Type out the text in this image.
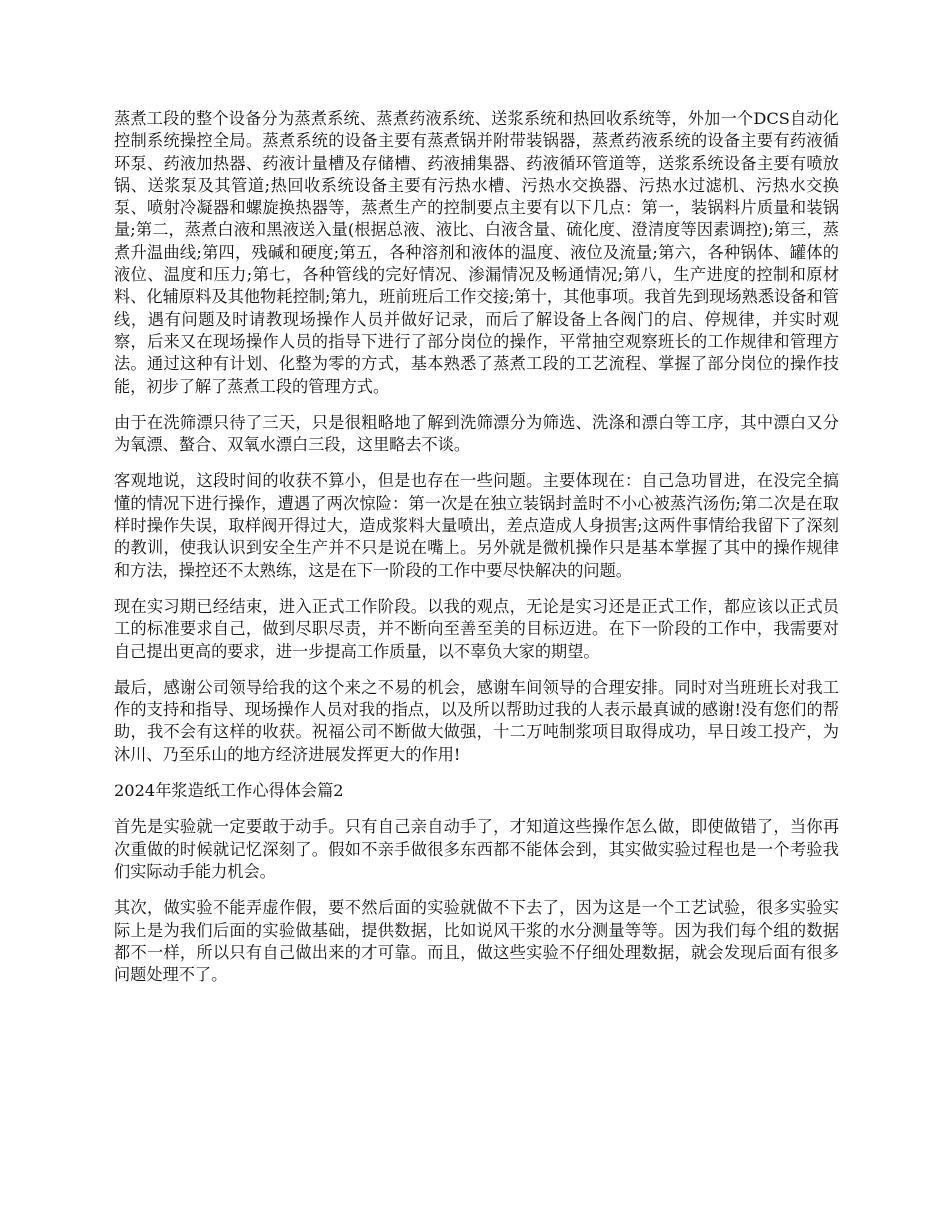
蒸煮工段的整个设备分为蒸煮系统、蒸煮药液系统、送浆系统和热回收系统等，外加一个DCS自动化控制系统操控全局。蒸煮系统的设备主要有蒸煮锅并附带装锅器，蒸煮药液系统的设备主要有药液循环泵、药液加热器、药液计量槽及存储槽、药液捕集器、药液循环管道等，送浆系统设备主要有喷放锅、送浆泵及其管道;热回收系统设备主要有污热水槽、污热水交换器、污热水过滤机、污热水交换泵、喷射冷凝器和螺旋换热器等，蒸煮生产的控制要点主要有以下几点：第一，装锅料片质量和装锅量;第二，蒸煮白液和黑液送入量(根据总液、液比、白液含量、硫化度、澄清度等因素调控);第三，蒸煮升温曲线;第四，残碱和硬度;第五，各种溶剂和液体的温度、液位及流量;第六，各种锅体、罐体的液位、温度和压力;第七，各种管线的完好情况、渗漏情况及畅通情况;第八，生产进度的控制和原材料、化辅原料及其他物耗控制;第九，班前班后工作交接;第十，其他事项。我首先到现场熟悉设备和管线，遇有问题及时请教现场操作人员并做好记录，而后了解设备上各阀门的启、停规律，并实时观察，后来又在现场操作人员的指导下进行了部分岗位的操作，平常抽空观察班长的工作规律和管理方法。通过这种有计划、化整为零的方式，基本熟悉了蒸煮工段的工艺流程、掌握了部分岗位的操作技能，初步了解了蒸煮工段的管理方式。

由于在洗筛漂只待了三天，只是很粗略地了解到洗筛漂分为筛选、洗涤和漂白等工序，其中漂白又分为氧漂、螯合、双氧水漂白三段，这里略去不谈。

客观地说，这段时间的收获不算小，但是也存在一些问题。主要体现在：自己急功冒进，在没完全搞懂的情况下进行操作，遭遇了两次惊险：第一次是在独立装锅封盖时不小心被蒸汽汤伤;第二次是在取样时操作失误，取样阀开得过大，造成浆料大量喷出，差点造成人身损害;这两件事情给我留下了深刻的教训，使我认识到安全生产并不只是说在嘴上。另外就是微机操作只是基本掌握了其中的操作规律和方法，操控还不太熟练，这是在下一阶段的工作中要尽快解决的问题。

现在实习期已经结束，进入正式工作阶段。以我的观点，无论是实习还是正式工作，都应该以正式员工的标准要求自己，做到尽职尽责，并不断向至善至美的目标迈进。在下一阶段的工作中，我需要对自己提出更高的要求，进一步提高工作质量，以不辜负大家的期望。

最后，感谢公司领导给我的这个来之不易的机会，感谢车间领导的合理安排。同时对当班班长对我工作的支持和指导、现场操作人员对我的指点，以及所以帮助过我的人表示最真诚的感谢!没有您们的帮助，我不会有这样的收获。祝福公司不断做大做强，十二万吨制浆项目取得成功，早日竣工投产，为沐川、乃至乐山的地方经济进展发挥更大的作用!

2024年浆造纸工作心得体会篇2

首先是实验就一定要敢于动手。只有自己亲自动手了，才知道这些操作怎么做，即使做错了，当你再次重做的时候就记忆深刻了。假如不亲手做很多东西都不能体会到，其实做实验过程也是一个考验我们实际动手能力机会。

其次，做实验不能弄虚作假，要不然后面的实验就做不下去了，因为这是一个工艺试验，很多实验实际上是为我们后面的实验做基础，提供数据，比如说风干浆的水分测量等等。因为我们每个组的数据都不一样，所以只有自己做出来的才可靠。而且，做这些实验不仔细处理数据，就会发现后面有很多问题处理不了。
